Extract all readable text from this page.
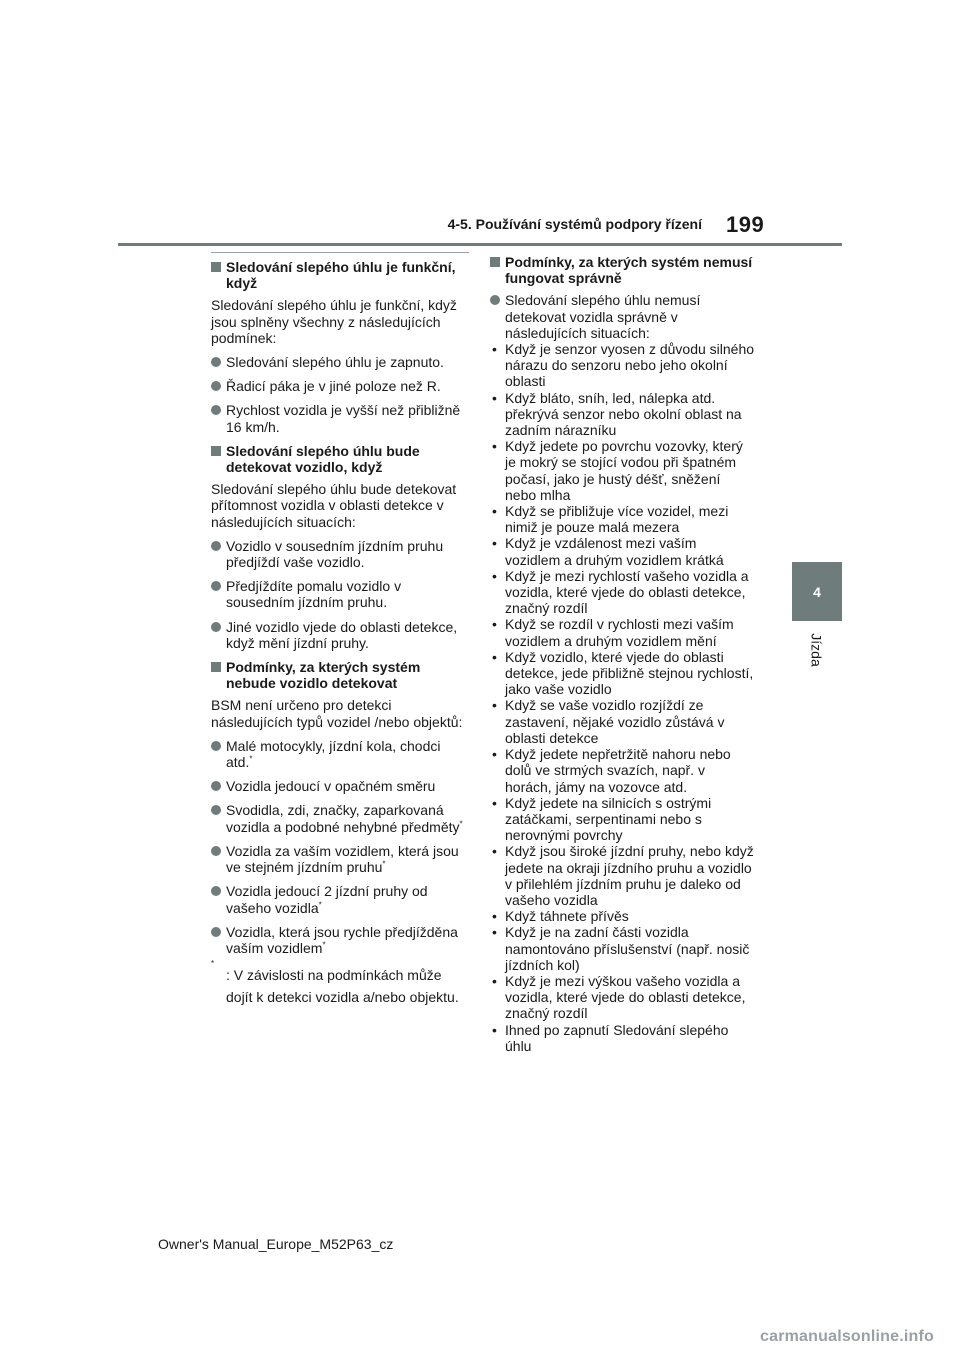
4-5. Používání systémů podpory řízení 199
4
Jízda
Sledování slepého úhlu je funkční, když

Sledování slepého úhlu je funkční, když jsou splněny všechny z následujících podmínek:

Sledování slepého úhlu je zapnuto.
Řadicí páka je v jiné poloze než R.
Rychlost vozidla je vyšší než přibližně 16 km/h.
Sledování slepého úhlu bude detekovat vozidlo, když

Sledování slepého úhlu bude detekovat přítomnost vozidla v oblasti detekce v následujících situacích:

Vozidlo v sousedním jízdním pruhu předjíždí vaše vozidlo.
Předjíždíte pomalu vozidlo v sousedním jízdním pruhu.
Jiné vozidlo vjede do oblasti detekce, když mění jízdní pruhy.
Podmínky, za kterých systém nebude vozidlo detekovat

BSM není určeno pro detekci následujících typů vozidel /nebo objektů:

Malé motocykly, jízdní kola, chodci atd.*
Vozidla jedoucí v opačném směru
Svodidla, zdi, značky, zaparkovaná vozidla a podobné nehybné předměty*
Vozidla za vaším vozidlem, která jsou ve stejném jízdním pruhu*
Vozidla jedoucí 2 jízdní pruhy od vašeho vozidla*
Vozidla, která jsou rychle předjížděna vaším vozidlem*
*
: V závislosti na podmínkách může dojít k detekci vozidla a/nebo objektu.
Podmínky, za kterých systém nemusí fungovat správně
Sledování slepého úhlu nemusí detekovat vozidla správně v následujících situacích:
• Když je senzor vyosen z důvodu silného nárazu do senzoru nebo jeho okolní oblasti
• Když bláto, sníh, led, nálepka atd. překrývá senzor nebo okolní oblast na zadním nárazníku
• Když jedete po povrchu vozovky, který je mokrý se stojící vodou při špatném počasí, jako je hustý déšť, sněžení nebo mlha
• Když se přibližuje více vozidel, mezi nimiž je pouze malá mezera
• Když je vzdálenost mezi vaším vozidlem a druhým vozidlem krátká
• Když je mezi rychlostí vašeho vozidla a vozidla, které vjede do oblasti detekce, značný rozdíl
• Když se rozdíl v rychlosti mezi vaším vozidlem a druhým vozidlem mění
• Když vozidlo, které vjede do oblasti detekce, jede přibližně stejnou rychlostí, jako vaše vozidlo
• Když se vaše vozidlo rozjíždí ze zastavení, nějaké vozidlo zůstává v oblasti detekce
• Když jedete nepřetržitě nahoru nebo dolů ve strmých svazích, např. v horách, jámy na vozovce atd.
• Když jedete na silnicích s ostrými zatáčkami, serpentinami nebo s nerovnými povrchy
• Když jsou široké jízdní pruhy, nebo když jedete na okraji jízdního pruhu a vozidlo v přilehlém jízdním pruhu je daleko od vašeho vozidla
• Když táhnete přívěs
• Když je na zadní části vozidla namontováno příslušenství (např. nosič jízdních kol)
• Když je mezi výškou vašeho vozidla a vozidla, které vjede do oblasti detekce, značný rozdíl
• Ihned po zapnutí Sledování slepého úhlu
Owner's Manual_Europe_M52P63_cz
carmanualsonline.info
